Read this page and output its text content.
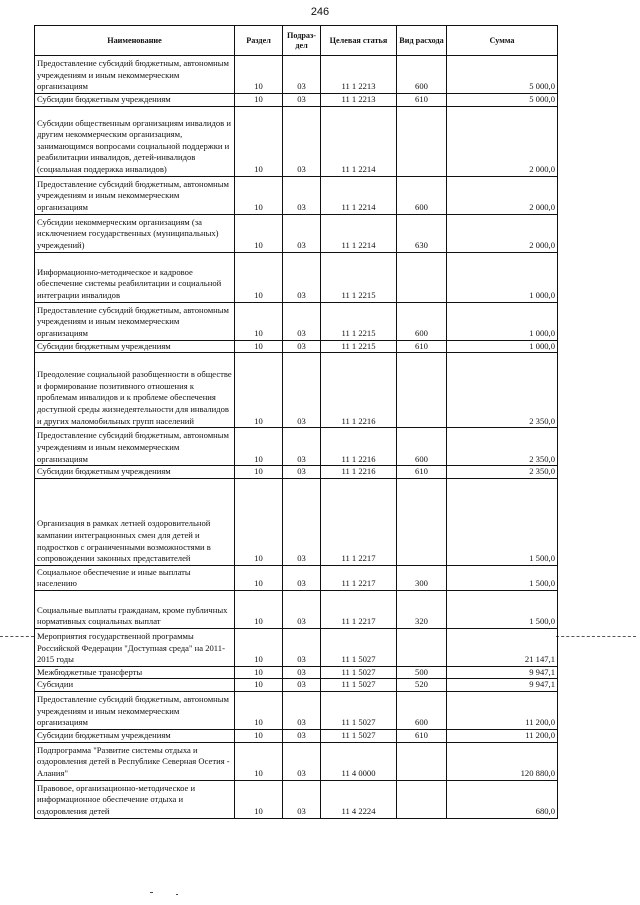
246
Наименование	Раздел	Подраз-дел	Целевая статья	Вид расхода	Сумма
Предоставление субсидий бюджетным, автономным учреждениям и иным некоммерческим организациям	10	03	11 1 2213	600	5 000,0
Субсидии бюджетным учреждениям	10	03	11 1 2213	610	5 000,0
Субсидии общественным организациям инвалидов и другим некоммерческим организациям, занимающимся вопросами социальной поддержки и реабилитации инвалидов, детей-инвалидов (социальная поддержка инвалидов)	10	03	11 1 2214		2 000,0
Предоставление субсидий бюджетным, автономным учреждениям и иным некоммерческим организациям	10	03	11 1 2214	600	2 000,0
Субсидии некоммерческим организациям (за исключением государственных (муниципальных) учреждений)	10	03	11 1 2214	630	2 000,0
Информационно-методическое и кадровое обеспечение системы реабилитации и социальной интеграции инвалидов	10	03	11 1 2215		1 000,0
Предоставление субсидий бюджетным, автономным учреждениям и иным некоммерческим организациям	10	03	11 1 2215	600	1 000,0
Субсидии бюджетным учреждениям	10	03	11 1 2215	610	1 000,0
Преодоление социальной разобщенности в обществе и формирование позитивного отношения к проблемам инвалидов и к проблеме обеспечения доступной среды жизнедеятельности для инвалидов и других маломобильных групп населений	10	03	11 1 2216		2 350,0
Предоставление субсидий бюджетным, автономным учреждениям и иным некоммерческим организациям	10	03	11 1 2216	600	2 350,0
Субсидии бюджетным учреждениям	10	03	11 1 2216	610	2 350,0
Организация в рамках летней оздоровительной кампании интеграционных смен для детей и подростков с ограниченными возможностями в сопровождении законных представителей	10	03	11 1 2217		1 500,0
Социальное обеспечение и иные выплаты населению	10	03	11 1 2217	300	1 500,0
Социальные выплаты гражданам, кроме публичных нормативных социальных выплат	10	03	11 1 2217	320	1 500,0
Мероприятия государственной программы Российской Федерации "Доступная среда" на 2011-2015 годы	10	03	11 1 5027		21 147,1
Межбюджетные трансферты	10	03	11 1 5027	500	9 947,1
Субсидии	10	03	11 1 5027	520	9 947,1
Предоставление субсидий бюджетным, автономным учреждениям и иным некоммерческим организациям	10	03	11 1 5027	600	11 200,0
Субсидии бюджетным учреждениям	10	03	11 1 5027	610	11 200,0
Подпрограмма "Развитие системы отдыха и оздоровления детей в Республике Северная Осетия - Алания"	10	03	11 4 0000		120 880,0
Правовое, организационно-методическое и информационное обеспечение отдыха и оздоровления детей	10	03	11 4 2224		680,0
